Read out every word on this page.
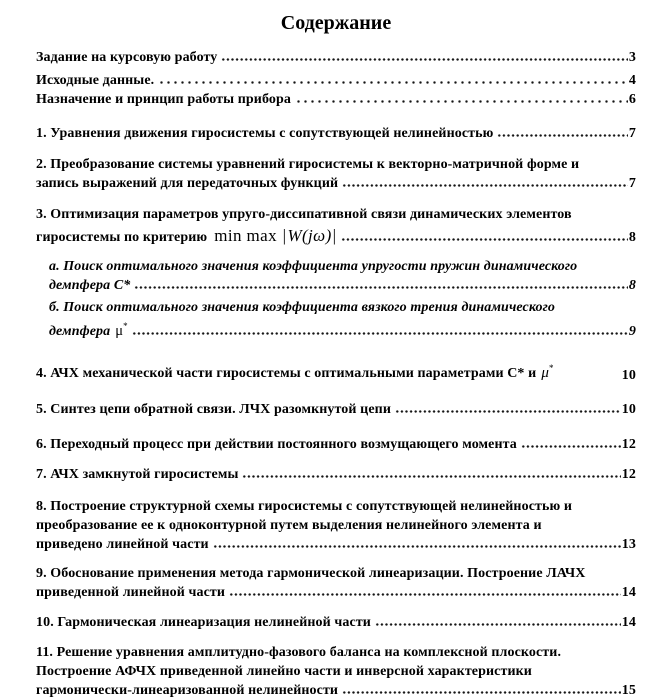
Содержание
Задание на курсовую работу	3
Исходные данные.	4
Назначение и принцип работы прибора	6
1. Уравнения движения гиросистемы с сопутствующей нелинейностью	7
2. Преобразование системы уравнений гиросистемы к векторно-матричной форме и
запись выражений для передаточных функций	7
3. Оптимизация параметров упруго-диссипативной связи динамических элементов
гиросистемы по критерию min max |W(jω)|	8
а. Поиск оптимального значения коэффициента упругости пружин динамического
демпфера С*	8
б. Поиск оптимального значения коэффициента вязкого трения динамического
демпфера μ*	9
4. АЧХ механической части гиросистемы с оптимальными параметрами С* и μ*	10
5. Синтез цепи обратной связи. ЛЧХ разомкнутой цепи	10
6. Переходный процесс при действии постоянного возмущающего момента	12
7. АЧХ замкнутой гиросистемы	12
8. Построение структурной схемы гиросистемы с сопутствующей нелинейностью и
преобразование ее к одноконтурной путем выделения нелинейного элемента и
приведено линейной части	13
9. Обоснование применения метода гармонической линеаризации. Построение ЛАЧХ
приведенной линейной части	14
10. Гармоническая линеаризация нелинейной части	14
11. Решение уравнения амплитудно-фазового баланса на комплексной плоскости.
Построение АФЧХ приведенной линейно части и инверсной характеристики
гармонически-линеаризованной нелинейности	15
